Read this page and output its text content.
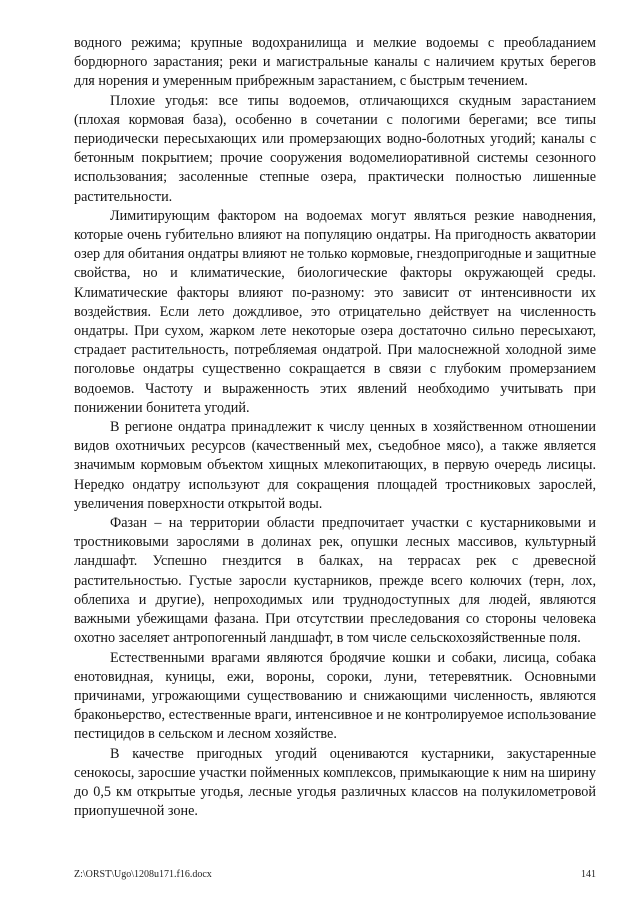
водного режима; крупные водохранилища и мелкие водоемы с преобладанием бордюрного зарастания; реки и магистральные каналы с наличием крутых берегов для норения и умеренным прибрежным зарастанием, с быстрым течением.

Плохие угодья: все типы водоемов, отличающихся скудным зарастанием (плохая кормовая база), особенно в сочетании с пологими берегами; все типы периодически пересыхающих или промерзающих водно-болотных угодий; каналы с бетонным покрытием; прочие сооружения водомелиоративной системы сезонного использования; засоленные степные озера, практически полностью лишенные растительности.

Лимитирующим фактором на водоемах могут являться резкие наводнения, которые очень губительно влияют на популяцию ондатры. На пригодность акватории озер для обитания ондатры влияют не только кормовые, гнездопригодные и защитные свойства, но и климатические, биологические факторы окружающей среды. Климатические факторы влияют по-разному: это зависит от интенсивности их воздействия. Если лето дождливое, это отрицательно действует на численность ондатры. При сухом, жарком лете некоторые озера достаточно сильно пересыхают, страдает растительность, потребляемая ондатрой. При малоснежной холодной зиме поголовье ондатры существенно сокращается в связи с глубоким промерзанием водоемов. Частоту и выраженность этих явлений необходимо учитывать при понижении бонитета угодий.

В регионе ондатра принадлежит к числу ценных в хозяйственном отношении видов охотничьих ресурсов (качественный мех, съедобное мясо), а также является значимым кормовым объектом хищных млекопитающих, в первую очередь лисицы. Нередко ондатру используют для сокращения площадей тростниковых зарослей, увеличения поверхности открытой воды.

Фазан – на территории области предпочитает участки с кустарниковыми и тростниковыми зарослями в долинах рек, опушки лесных массивов, культурный ландшафт. Успешно гнездится в балках, на террасах рек с древесной растительностью. Густые заросли кустарников, прежде всего колючих (терн, лох, облепиха и другие), непроходимых или труднодоступных для людей, являются важными убежищами фазана. При отсутствии преследования со стороны человека охотно заселяет антропогенный ландшафт, в том числе сельскохозяйственные поля.

Естественными врагами являются бродячие кошки и собаки, лисица, собака енотовидная, куницы, ежи, вороны, сороки, луни, тетеревятник. Основными причинами, угрожающими существованию и снижающими численность, являются браконьерство, естественные враги, интенсивное и не контролируемое использование пестицидов в сельском и лесном хозяйстве.

В качестве пригодных угодий оцениваются кустарники, закустаренные сенокосы, заросшие участки пойменных комплексов, примыкающие к ним на ширину до 0,5 км открытые угодья, лесные угодья различных классов на полукилометровой приопушечной зоне.

Z:\ORST\Ugo\1208u171.f16.docx	141
